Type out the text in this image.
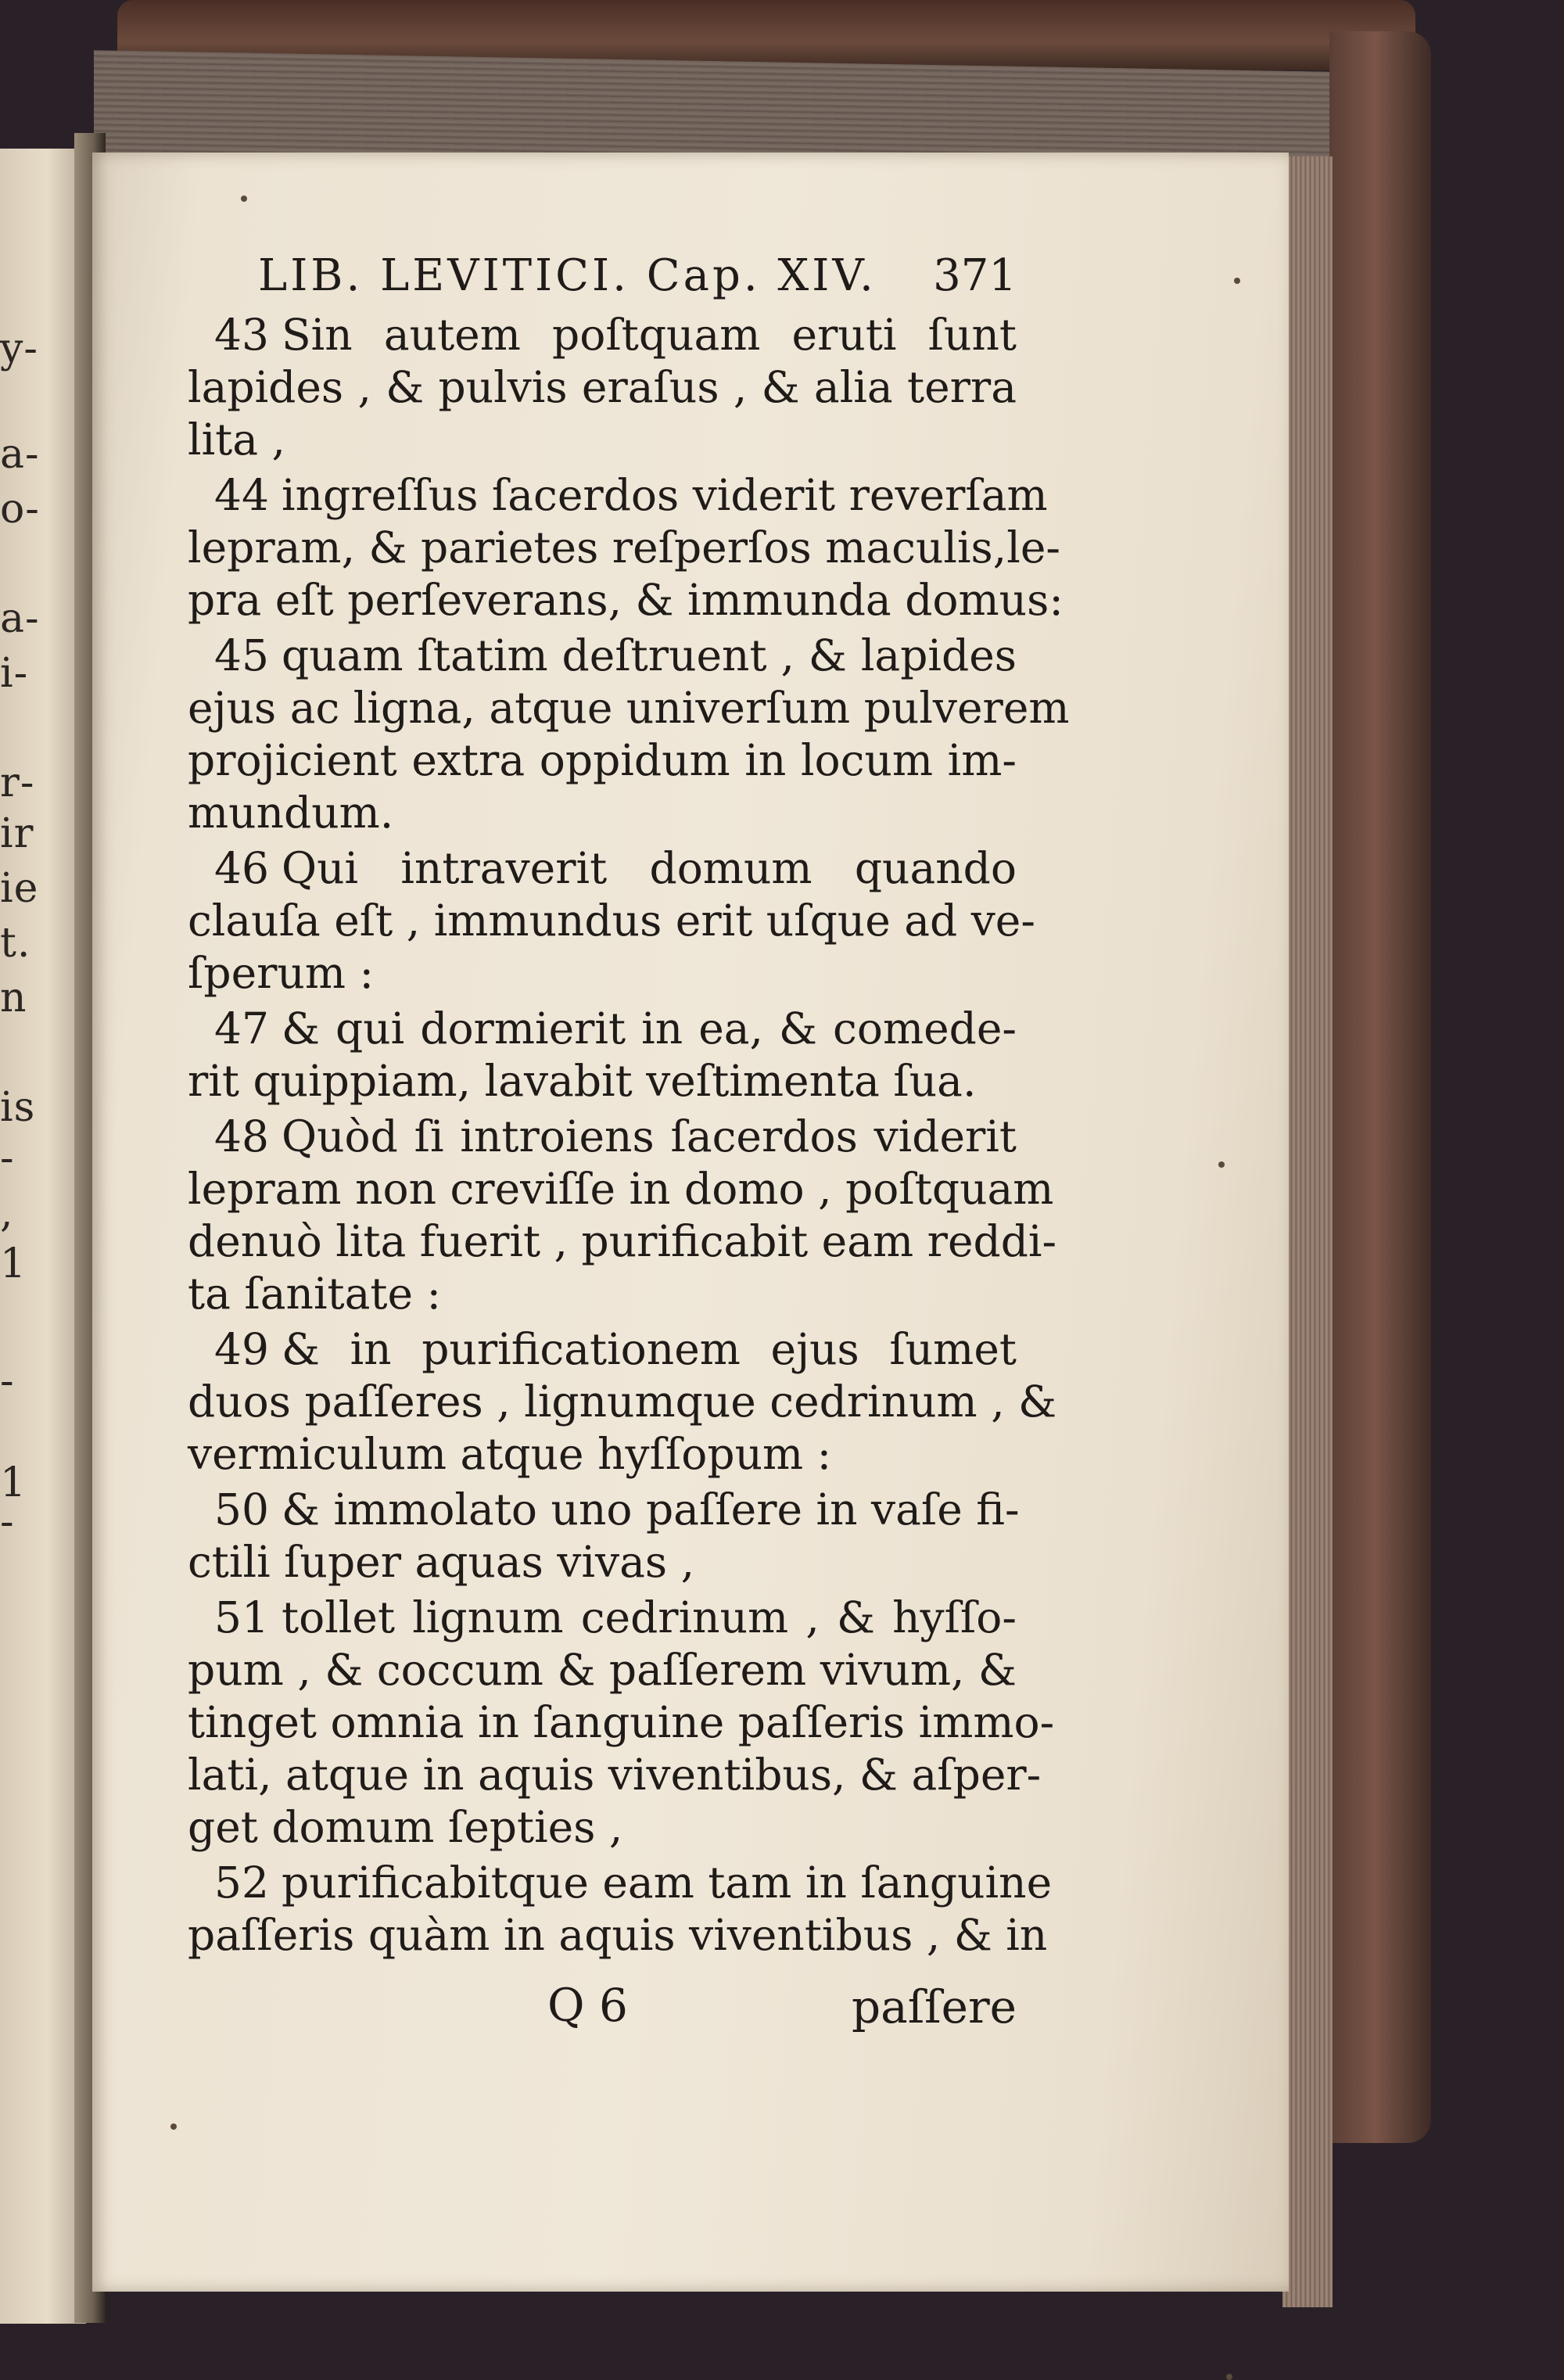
y-
a-
o-
a-
i-
r-
ir
ie
t.
n
is
-
,
1
-
1
-
LIB. LEVITICI. Cap. XIV. 371
43 Sin autem poſtquam eruti ſunt
lapides , & pulvis eraſus , & alia terra
lita ,
44 ingreſſus ſacerdos viderit reverſam
lepram, & parietes reſperſos maculis,le-
pra eſt perſeverans, & immunda domus:
45 quam ſtatim deſtruent , & lapides
ejus ac ligna, atque univerſum pulverem
projicient extra oppidum in locum im-
mundum.
46 Qui intraverit domum quando
clauſa eſt , immundus erit uſque ad ve-
ſperum :
47 & qui dormierit in ea, & comede-
rit quippiam, lavabit veſtimenta ſua.
48 Quòd ſi introiens ſacerdos viderit
lepram non creviſſe in domo , poſtquam
denuò lita fuerit , purificabit eam reddi-
ta ſanitate :
49 & in purificationem ejus ſumet
duos paſſeres , lignumque cedrinum , &
vermiculum atque hyſſopum :
50 & immolato uno paſſere in vaſe fi-
ctili ſuper aquas vivas ,
51 tollet lignum cedrinum , & hyſſo-
pum , & coccum & paſſerem vivum, &
tinget omnia in ſanguine paſſeris immo-
lati, atque in aquis viventibus, & aſper-
get domum ſepties ,
52 purificabitque eam tam in ſanguine
paſſeris quàm in aquis viventibus , & in
Q 6	paſſere
